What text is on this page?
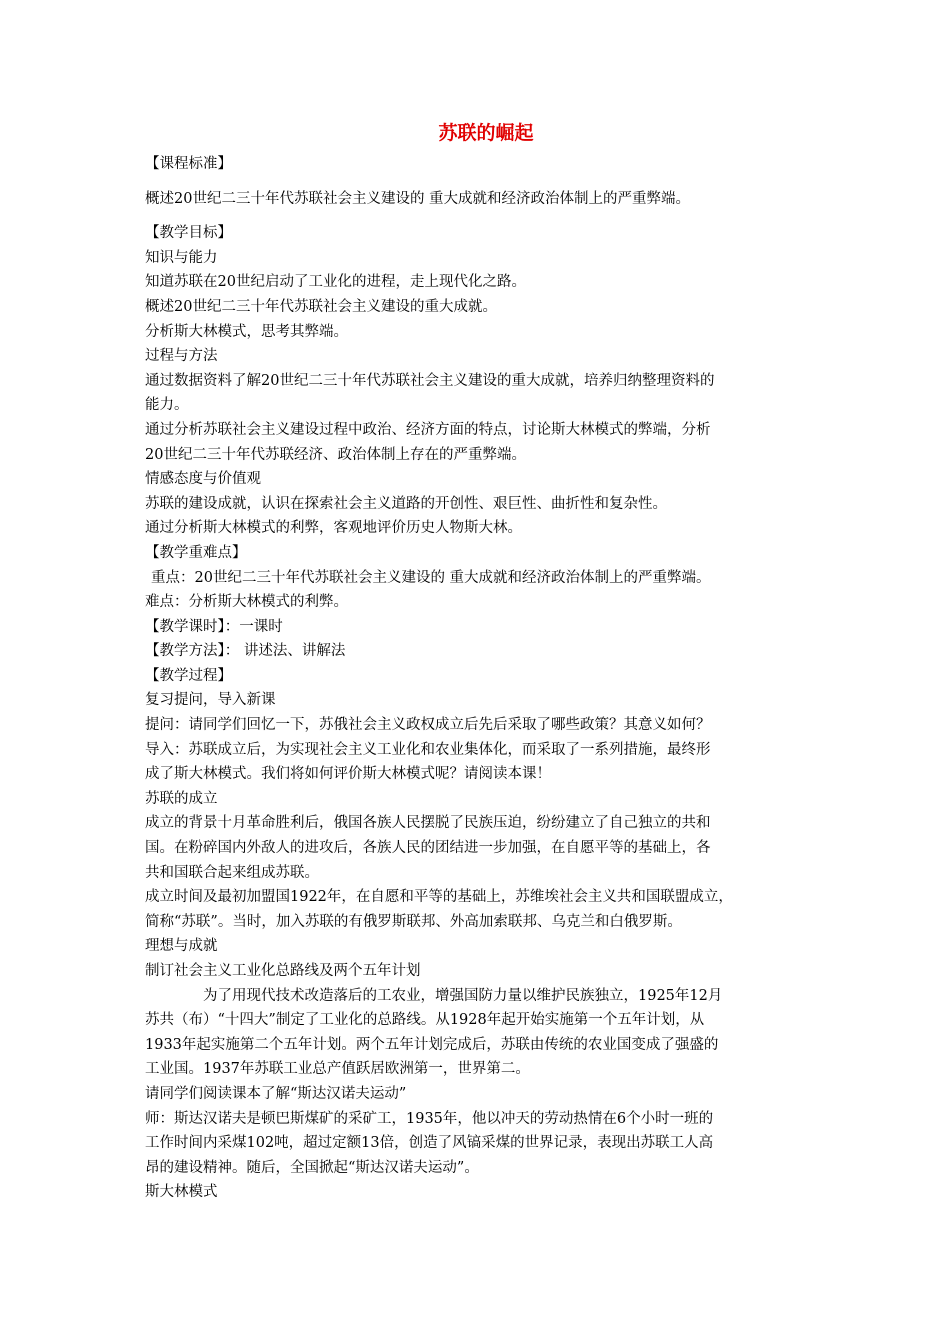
苏联的崛起
【课程标准】
概述20世纪二三十年代苏联社会主义建设的 重大成就和经济政治体制上的严重弊端。
【教学目标】
知识与能力
知道苏联在20世纪启动了工业化的进程，走上现代化之路。
概述20世纪二三十年代苏联社会主义建设的重大成就。
分析斯大林模式，思考其弊端。
过程与方法
通过数据资料了解20世纪二三十年代苏联社会主义建设的重大成就，培养归纳整理资料的
能力。
通过分析苏联社会主义建设过程中政治、经济方面的特点，讨论斯大林模式的弊端，分析
20世纪二三十年代苏联经济、政治体制上存在的严重弊端。
情感态度与价值观
苏联的建设成就，认识在探索社会主义道路的开创性、艰巨性、曲折性和复杂性。
通过分析斯大林模式的利弊，客观地评价历史人物斯大林。
【教学重难点】
重点：20世纪二三十年代苏联社会主义建设的 重大成就和经济政治体制上的严重弊端。
难点：分析斯大林模式的利弊。
【教学课时】：一课时
【教学方法】： 讲述法、讲解法
【教学过程】
复习提问，导入新课
提问：请同学们回忆一下，苏俄社会主义政权成立后先后采取了哪些政策？其意义如何？
导入：苏联成立后，为实现社会主义工业化和农业集体化，而采取了一系列措施，最终形
成了斯大林模式。我们将如何评价斯大林模式呢？请阅读本课！
苏联的成立
成立的背景十月革命胜利后，俄国各族人民摆脱了民族压迫，纷纷建立了自己独立的共和
国。在粉碎国内外敌人的进攻后，各族人民的团结进一步加强，在自愿平等的基础上，各
共和国联合起来组成苏联。
成立时间及最初加盟国1922年，在自愿和平等的基础上，苏维埃社会主义共和国联盟成立，
简称“苏联”。当时，加入苏联的有俄罗斯联邦、外高加索联邦、乌克兰和白俄罗斯。
理想与成就
制订社会主义工业化总路线及两个五年计划
为了用现代技术改造落后的工农业，增强国防力量以维护民族独立，1925年12月
苏共（布）“十四大”制定了工业化的总路线。从1928年起开始实施第一个五年计划，从
1933年起实施第二个五年计划。两个五年计划完成后，苏联由传统的农业国变成了强盛的
工业国。1937年苏联工业总产值跃居欧洲第一，世界第二。
请同学们阅读课本了解“斯达汉诺夫运动”
师：斯达汉诺夫是顿巴斯煤矿的采矿工，1935年，他以冲天的劳动热情在6个小时一班的
工作时间内采煤102吨，超过定额13倍，创造了风镐采煤的世界记录，表现出苏联工人高
昂的建设精神。随后，全国掀起“斯达汉诺夫运动”。
斯大林模式
